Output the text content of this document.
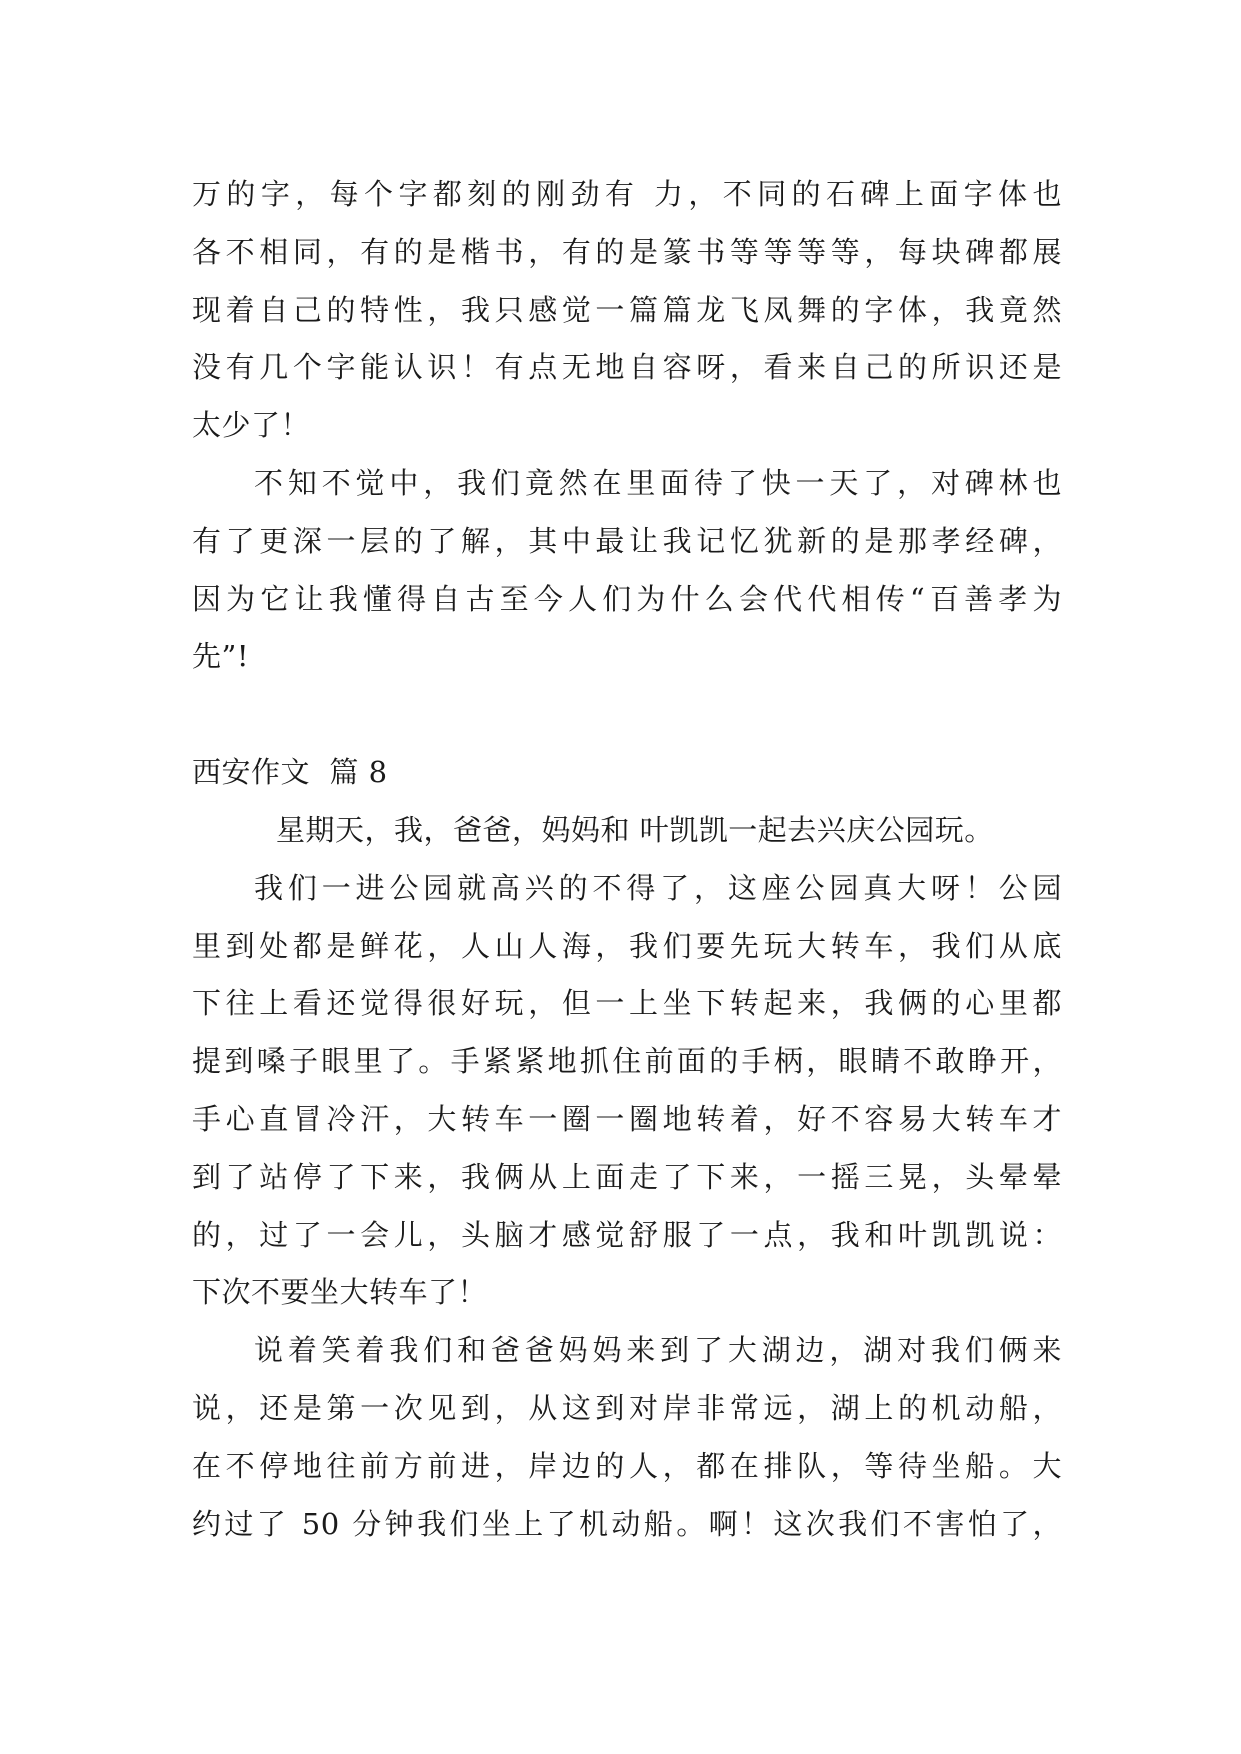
万的字，每个字都刻的刚劲有 力，不同的石碑上面字体也
各不相同，有的是楷书，有的是篆书等等等等，每块碑都展
现着自己的特性，我只感觉一篇篇龙飞凤舞的字体，我竟然
没有几个字能认识！有点无地自容呀，看来自己的所识还是
太少了！
不知不觉中，我们竟然在里面待了快一天了，对碑林也
有了更深一层的了解，其中最让我记忆犹新的是那孝经碑，
因为它让我懂得自古至今人们为什么会代代相传“百善孝为
先”!
西安作文  篇 8
星期天，我，爸爸，妈妈和 叶凯凯一起去兴庆公园玩。
我们一进公园就高兴的不得了，这座公园真大呀！公园
里到处都是鲜花，人山人海，我们要先玩大转车，我们从底
下往上看还觉得很好玩，但一上坐下转起来，我俩的心里都
提到嗓子眼里了。手紧紧地抓住前面的手柄，眼睛不敢睁开，
手心直冒冷汗，大转车一圈一圈地转着，好不容易大转车才
到了站停了下来，我俩从上面走了下来，一摇三晃，头晕晕
的，过了一会儿，头脑才感觉舒服了一点，我和叶凯凯说：
下次不要坐大转车了！
说着笑着我们和爸爸妈妈来到了大湖边，湖对我们俩来
说，还是第一次见到，从这到对岸非常远，湖上的机动船，
在不停地往前方前进，岸边的人，都在排队，等待坐船。大
约过了 50 分钟我们坐上了机动船。啊！这次我们不害怕了，
